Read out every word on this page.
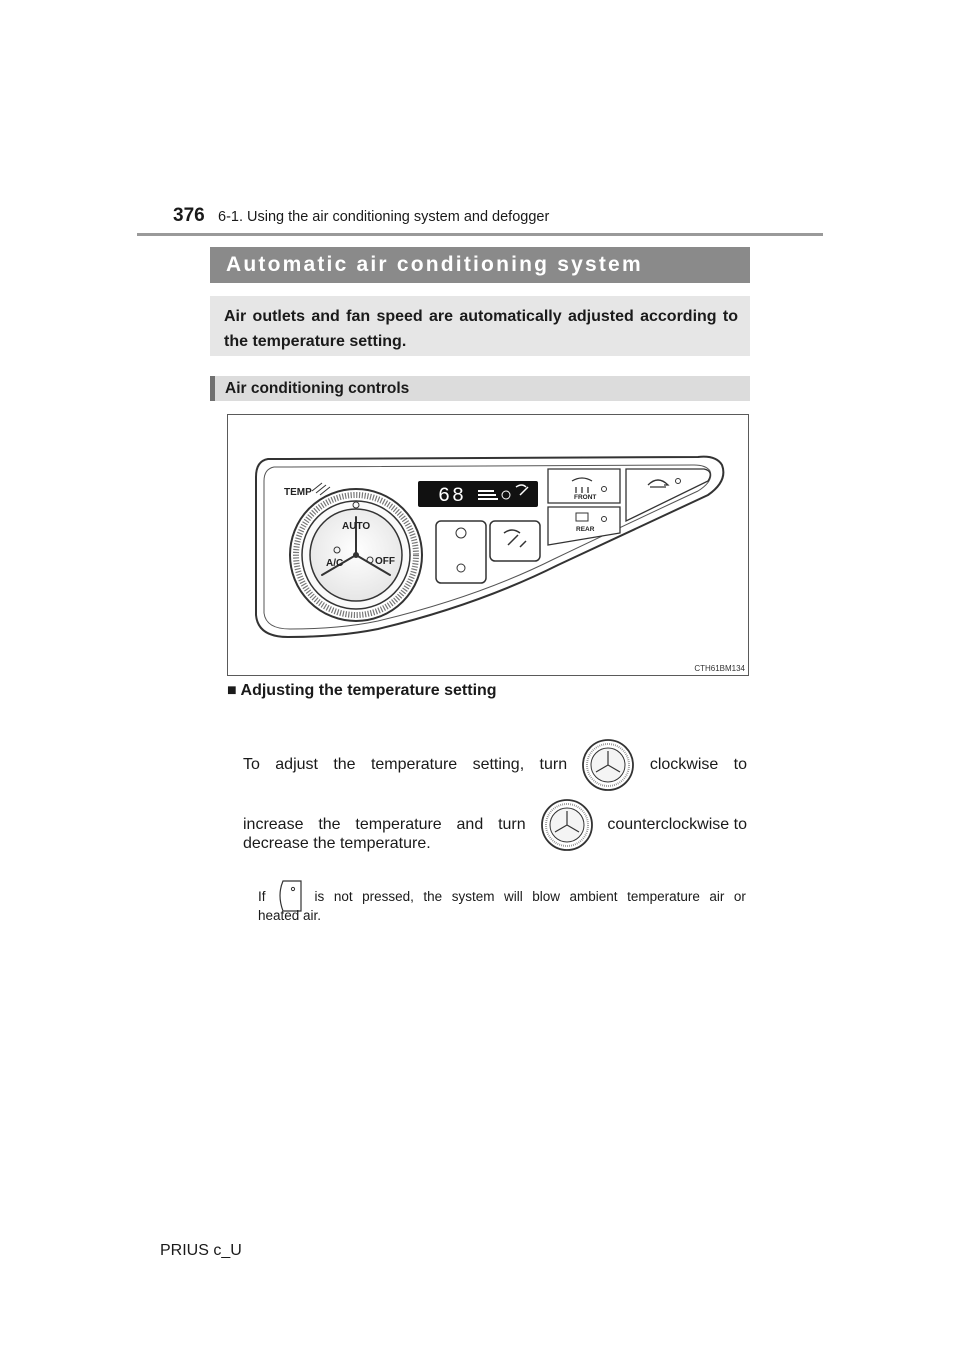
376 6-1. Using the air conditioning system and defogger
Automatic air conditioning system
Air outlets and fan speed are automatically adjusted according to the temperature setting.
Air conditioning controls
TEMP
AUTO
A/C	OFF
68	FRONT
REAR
CTH61BM134
■ Adjusting the temperature setting
To adjust the temperature setting, turn	clockwise to
increase the temperature and turn	counterclockwise to
decrease the temperature.
If	is not pressed, the system will blow ambient temperature air or
heated air.
PRIUS c_U
